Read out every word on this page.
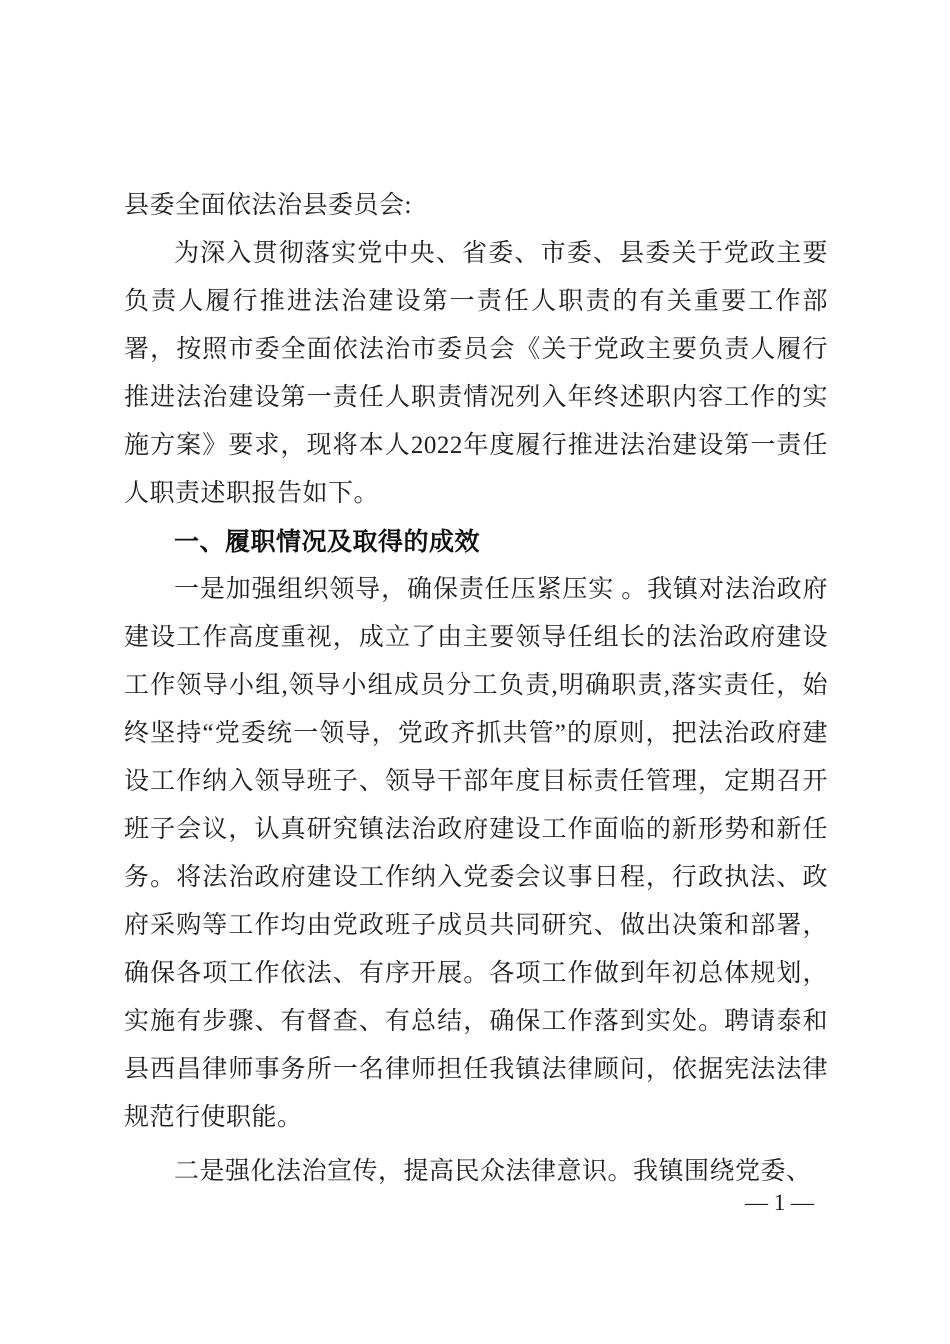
县委全面依法治县委员会:

为深入贯彻落实党中央、省委、市委、县委关于党政主要负责人履行推进法治建设第一责任人职责的有关重要工作部署，按照市委全面依法治市委员会《关于党政主要负责人履行推进法治建设第一责任人职责情况列入年终述职内容工作的实施方案》要求，现将本人2022年度履行推进法治建设第一责任人职责述职报告如下。

一、履职情况及取得的成效

一是加强组织领导，确保责任压紧压实 。我镇对法治政府建设工作高度重视，成立了由主要领导任组长的法治政府建设工作领导小组,领导小组成员分工负责,明确职责,落实责任，始终坚持“党委统一领导，党政齐抓共管”的原则，把法治政府建设工作纳入领导班子、领导干部年度目标责任管理，定期召开班子会议，认真研究镇法治政府建设工作面临的新形势和新任务。将法治政府建设工作纳入党委会议事日程，行政执法、政府采购等工作均由党政班子成员共同研究、做出决策和部署，确保各项工作依法、有序开展。各项工作做到年初总体规划，实施有步骤、有督查、有总结，确保工作落到实处。聘请泰和县西昌律师事务所一名律师担任我镇法律顾问，依据宪法法律规范行使职能。

二是强化法治宣传，提高民众法律意识。我镇围绕党委、

— 1 —
